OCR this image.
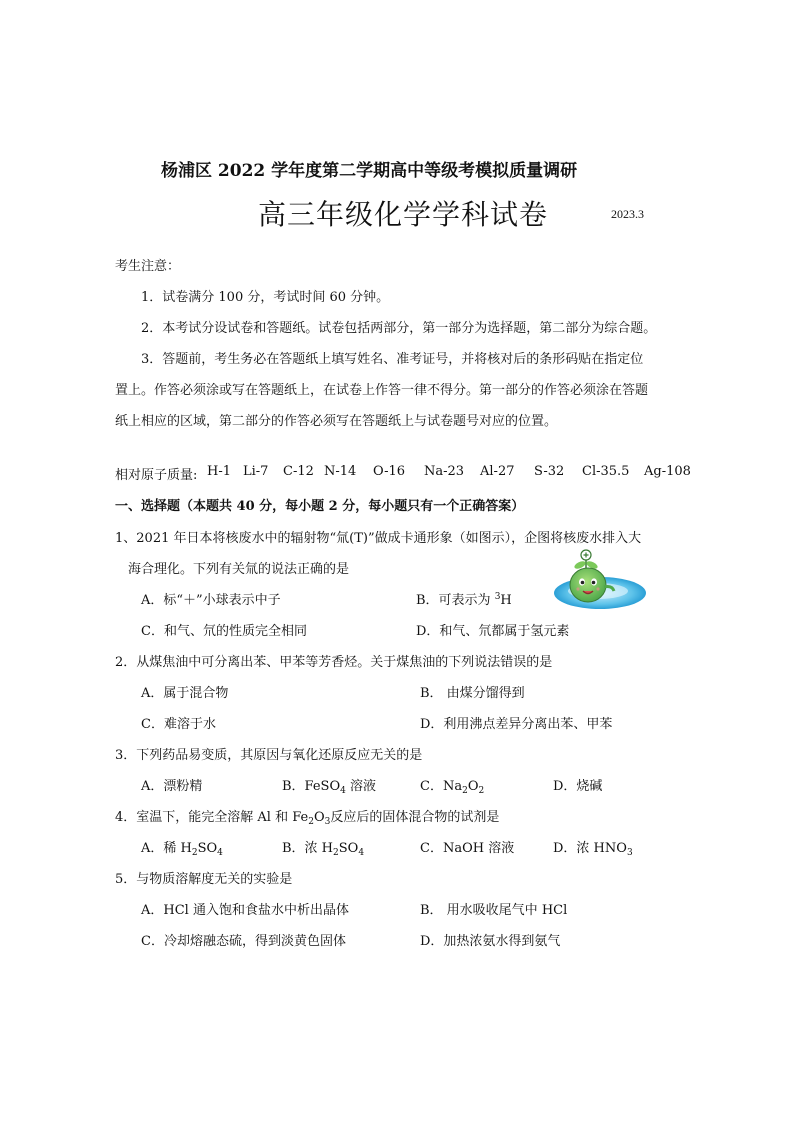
杨浦区 2022 学年度第二学期高中等级考模拟质量调研
高三年级化学学科试卷	2023.3
考生注意：
1．试卷满分 100 分，考试时间 60 分钟。
2．本考试分设试卷和答题纸。试卷包括两部分，第一部分为选择题，第二部分为综合题。
3．答题前，考生务必在答题纸上填写姓名、准考证号，并将核对后的条形码贴在指定位
置上。作答必须涂或写在答题纸上，在试卷上作答一律不得分。第一部分的作答必须涂在答题
纸上相应的区域，第二部分的作答必须写在答题纸上与试卷题号对应的位置。
相对原子质量: H-1 Li-7 C-12 N-14 O-16 Na-23 Al-27 S-32 Cl-35.5 Ag-108
一、选择题（本题共 40 分，每小题 2 分，每小题只有一个正确答案）
1、2021 年日本将核废水中的辐射物“氚(T)”做成卡通形象（如图示），企图将核废水排入大
海合理化。下列有关氚的说法正确的是
A．标“＋”小球表示中子	B．可表示为 $^3$H
C．和气、氘的性质完全相同	D．和气、氘都属于氢元素
2．从煤焦油中可分离出苯、甲苯等芳香烃。关于煤焦油的下列说法错误的是
A．属于混合物	B． 由煤分馏得到
C．难溶于水	D．利用沸点差异分离出苯、甲苯
3．下列药品易变质，其原因与氧化还原反应无关的是
A．漂粉精	B．FeSO$_4$ 溶液	C．$Na_2O_2$	D．烧碱
4．室温下，能完全溶解 Al 和 $Fe_2O_3$反应后的固体混合物的试剂是
A．稀 $H_2SO_4$	B．浓 $H_2SO_4$	C．NaOH 溶液	D．浓 $HNO_3$
5．与物质溶解度无关的实验是
A．HCl 通入饱和食盐水中析出晶体	B． 用水吸收尾气中 HCl
C．冷却熔融态硫，得到淡黄色固体	D．加热浓氨水得到氨气
